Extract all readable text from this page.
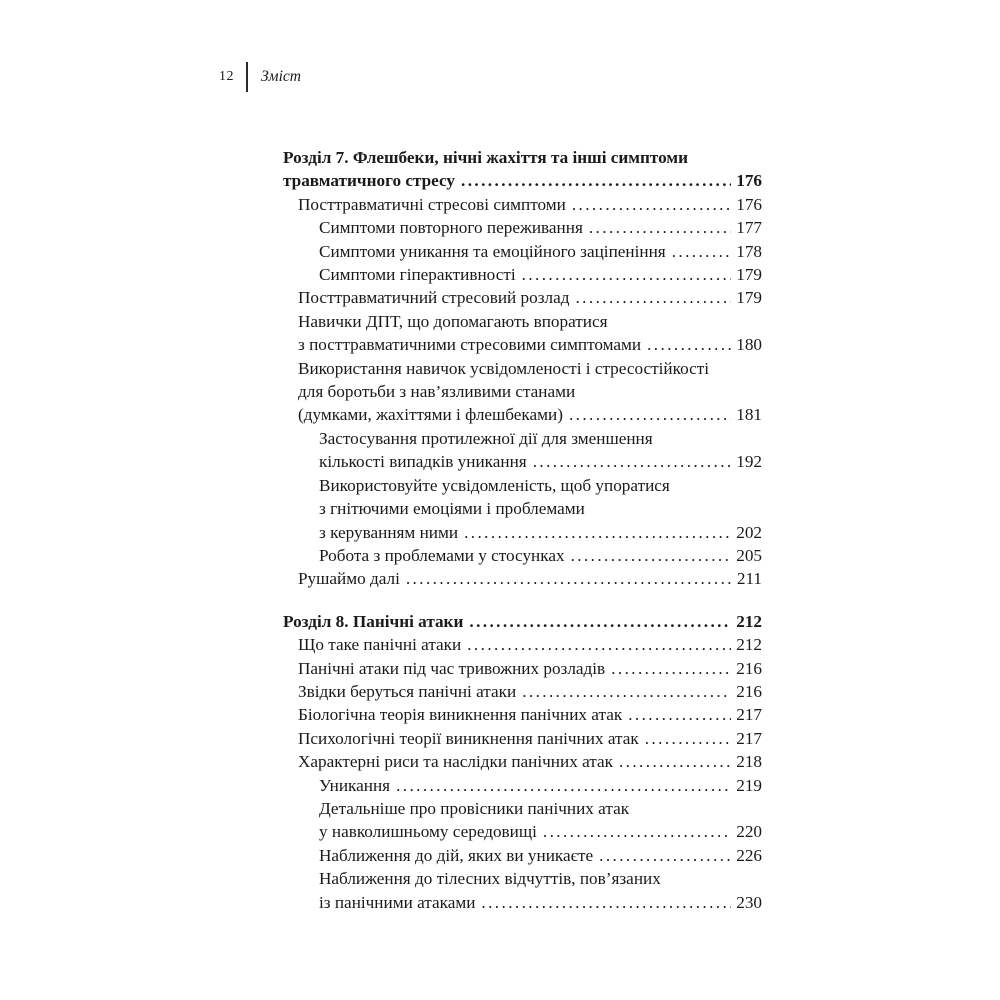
12 Зміст
Розділ 7. Флешбеки, нічні жахіття та інші симптоми
травматичного стресу .....	176
Посттравматичні стресові симптоми .....	176
Симптоми повторного переживання .....	177
Симптоми уникання та емоційного заціпеніння .....	178
Симптоми гіперактивності .....	179
Посттравматичний стресовий розлад .....	179
Навички ДПТ, що допомагають впоратися
з посттравматичними стресовими симптомами .....	180
Використання навичок усвідомленості і стресостійкості
для боротьби з нав’язливими станами
(думками, жахіттями і флешбеками) .....	181
Застосування протилежної дії для зменшення
кількості випадків уникання .....	192
Використовуйте усвідомленість, щоб упоратися
з гнітючими емоціями і проблемами
з керуванням ними .....	202
Робота з проблемами у стосунках .....	205
Рушаймо далі .....	211
Розділ 8. Панічні атаки .....	212
Що таке панічні атаки .....	212
Панічні атаки під час тривожних розладів .....	216
Звідки беруться панічні атаки .....	216
Біологічна теорія виникнення панічних атак .....	217
Психологічні теорії виникнення панічних атак .....	217
Характерні риси та наслідки панічних атак .....	218
Уникання .....	219
Детальніше про провісники панічних атак
у навколишньому середовищі .....	220
Наближення до дій, яких ви уникаєте .....	226
Наближення до тілесних відчуттів, пов’язаних
із панічними атаками .....	230
